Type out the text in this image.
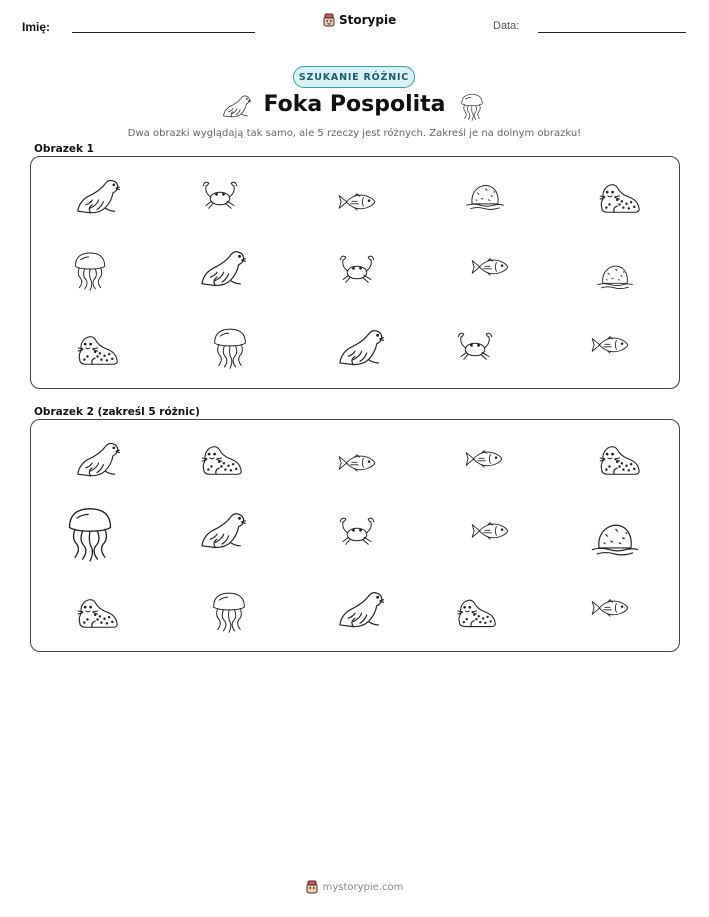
Imię:	Storypie	Data:
SZUKANIE RÓŻNIC
Foka Pospolita
Dwa obrazki wyglądają tak samo, ale 5 rzeczy jest różnych. Zakreśl je na dolnym obrazku!
Obrazek 1
Obrazek 2 (zakreśl 5 różnic)
mystorypie.com
